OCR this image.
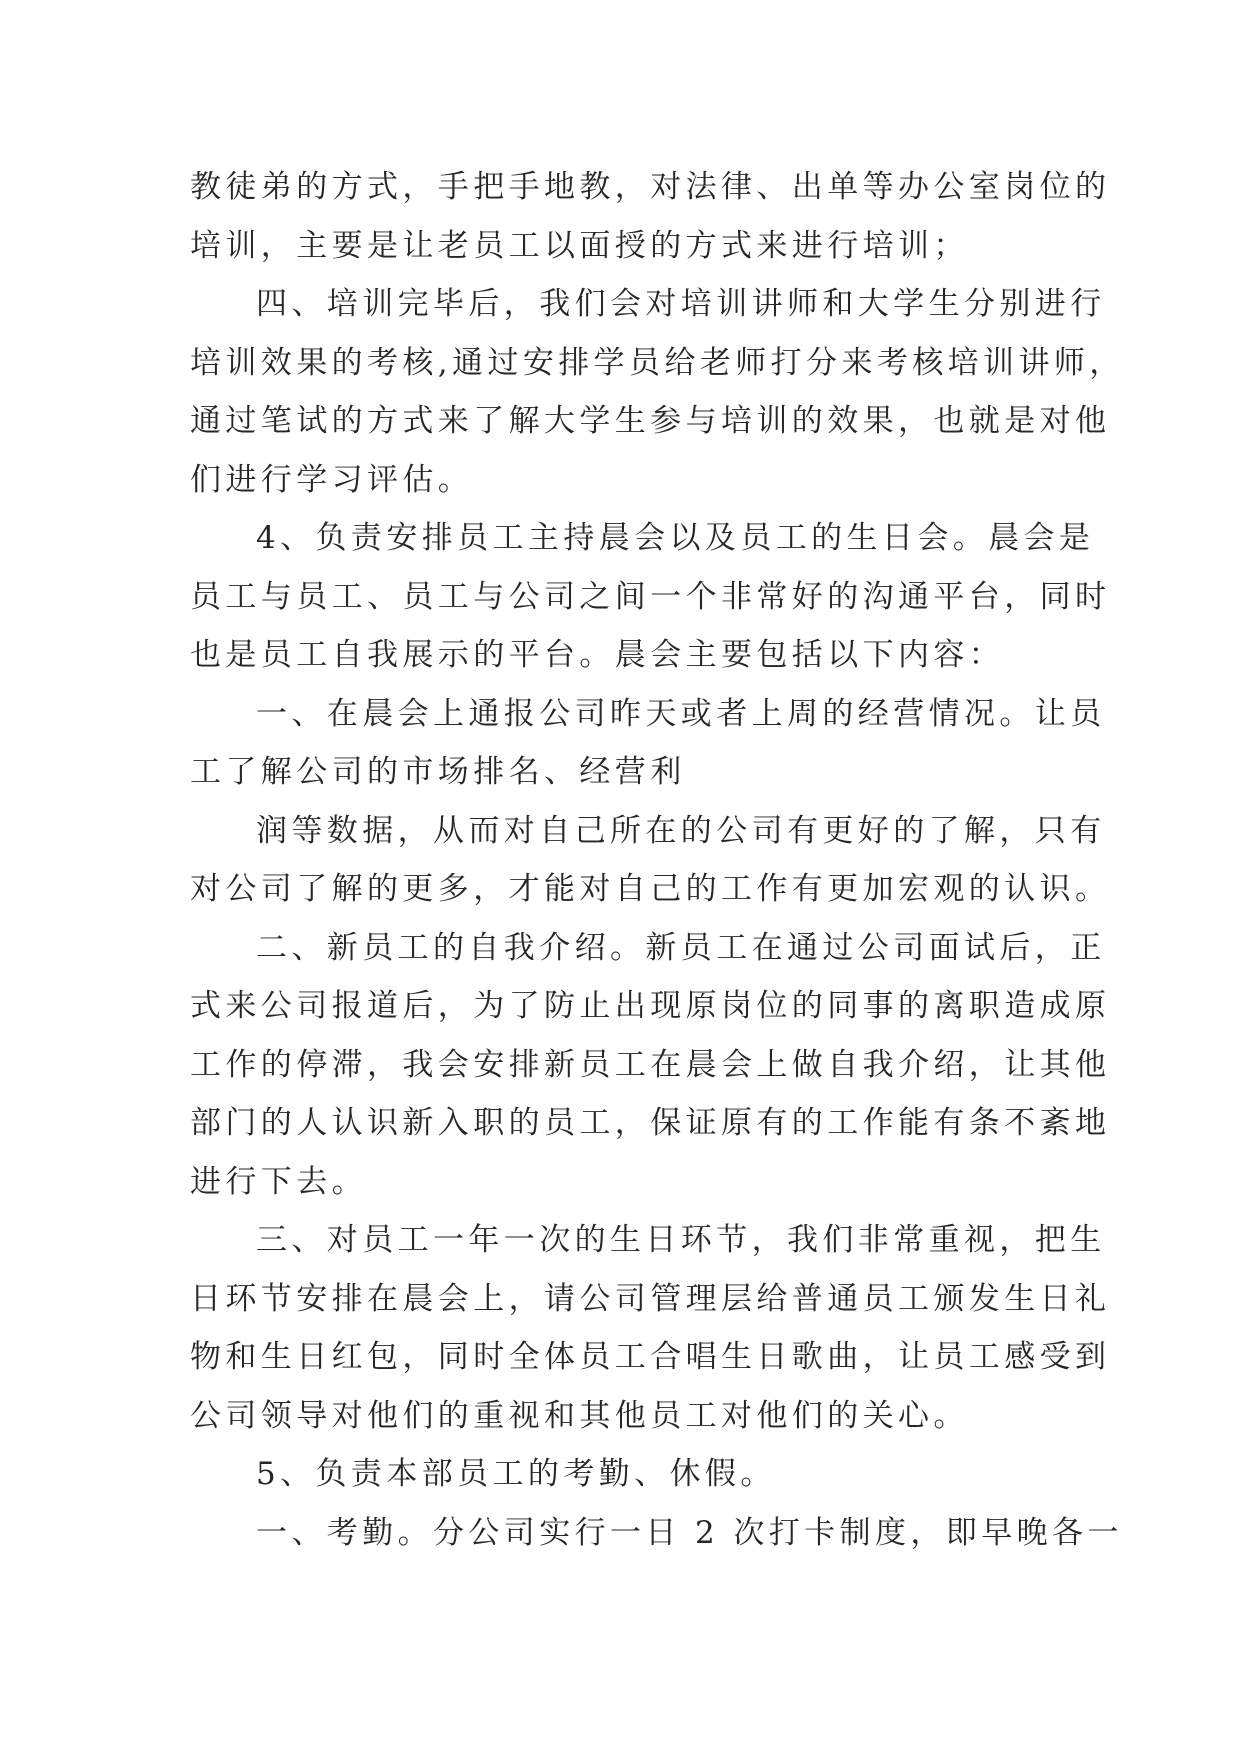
教徒弟的方式，手把手地教，对法律、出单等办公室岗位的
培训，主要是让老员工以面授的方式来进行培训；
四、培训完毕后，我们会对培训讲师和大学生分别进行
培训效果的考核,通过安排学员给老师打分来考核培训讲师，
通过笔试的方式来了解大学生参与培训的效果，也就是对他
们进行学习评估。
4、负责安排员工主持晨会以及员工的生日会。晨会是
员工与员工、员工与公司之间一个非常好的沟通平台，同时
也是员工自我展示的平台。晨会主要包括以下内容：
一、在晨会上通报公司昨天或者上周的经营情况。让员
工了解公司的市场排名、经营利
润等数据，从而对自己所在的公司有更好的了解，只有
对公司了解的更多，才能对自己的工作有更加宏观的认识。
二、新员工的自我介绍。新员工在通过公司面试后，正
式来公司报道后，为了防止出现原岗位的同事的离职造成原
工作的停滞，我会安排新员工在晨会上做自我介绍，让其他
部门的人认识新入职的员工，保证原有的工作能有条不紊地
进行下去。
三、对员工一年一次的生日环节，我们非常重视，把生
日环节安排在晨会上，请公司管理层给普通员工颁发生日礼
物和生日红包，同时全体员工合唱生日歌曲，让员工感受到
公司领导对他们的重视和其他员工对他们的关心。
5、负责本部员工的考勤、休假。
一、考勤。分公司实行一日 2 次打卡制度，即早晚各一
